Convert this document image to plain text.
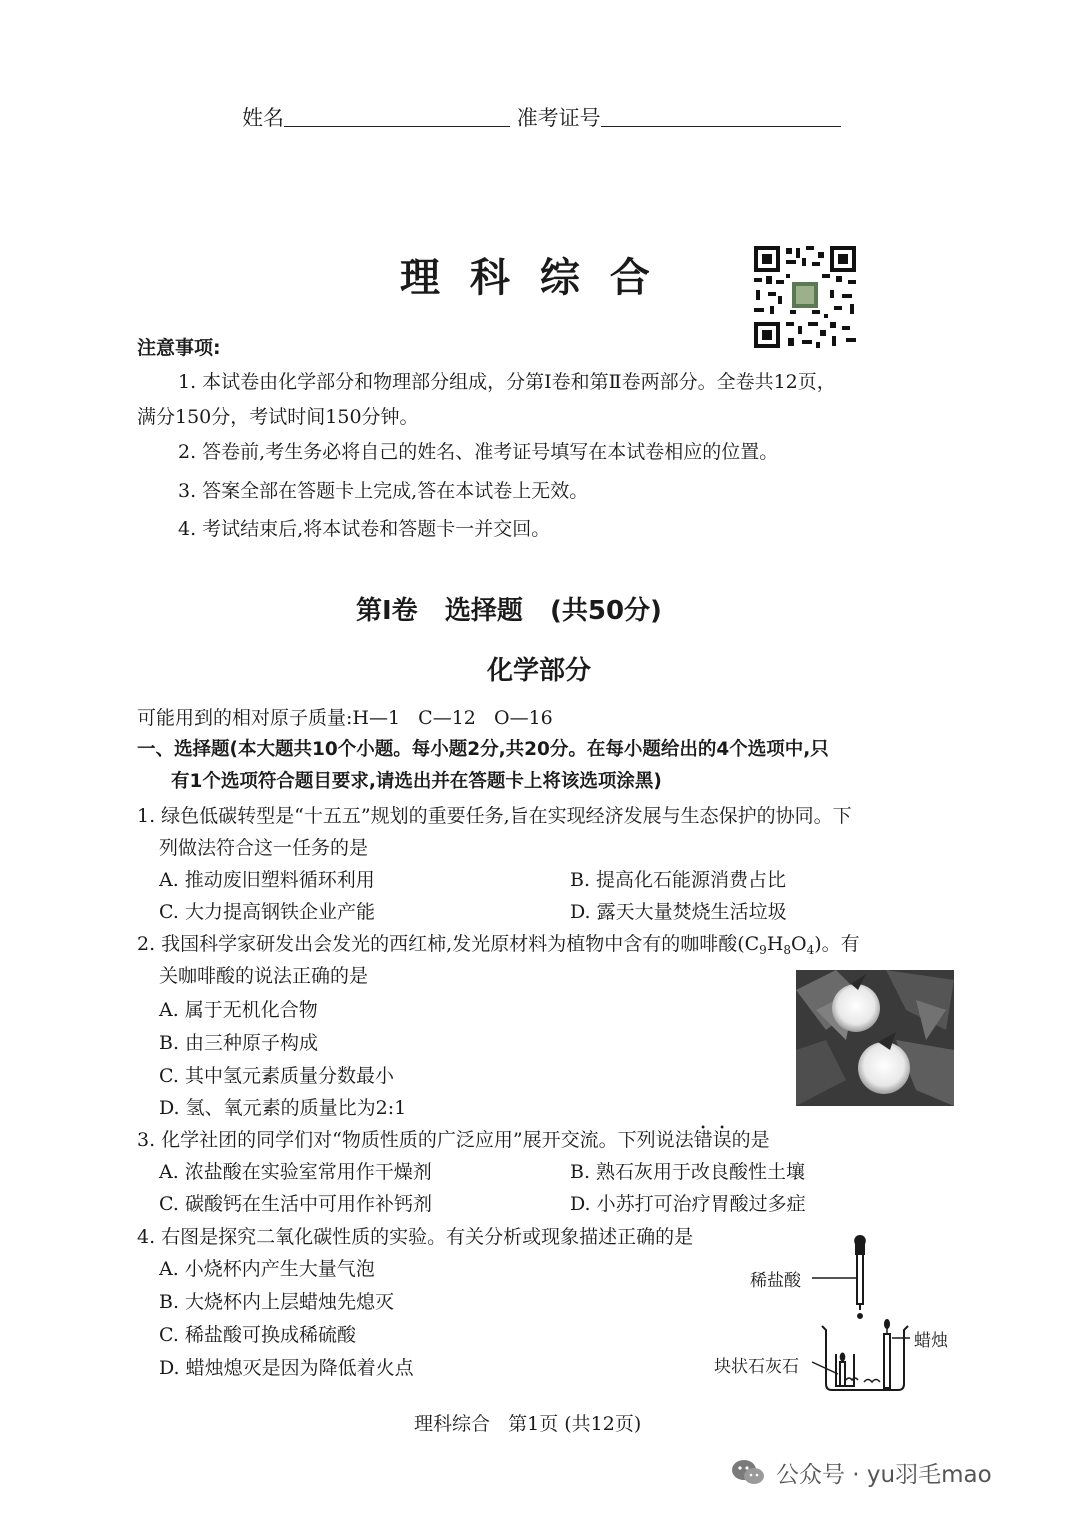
姓名	准考证号
理 科 综 合
注意事项:
1. 本试卷由化学部分和物理部分组成，分第Ⅰ卷和第Ⅱ卷两部分。全卷共12页，
满分150分，考试时间150分钟。
2. 答卷前,考生务必将自己的姓名、准考证号填写在本试卷相应的位置。
3. 答案全部在答题卡上完成,答在本试卷上无效。
4. 考试结束后,将本试卷和答题卡一并交回。
第Ⅰ卷   选择题   (共50分)
化学部分
可能用到的相对原子质量:H—1   C—12   O—16
一、选择题(本大题共10个小题。每小题2分,共20分。在每小题给出的4个选项中,只
有1个选项符合题目要求,请选出并在答题卡上将该选项涂黑)
1. 绿色低碳转型是“十五五”规划的重要任务,旨在实现经济发展与生态保护的协同。下
列做法符合这一任务的是
A. 推动废旧塑料循环利用	B. 提高化石能源消费占比
C. 大力提高钢铁企业产能	D. 露天大量焚烧生活垃圾
2. 我国科学家研发出会发光的西红柿,发光原材料为植物中含有的咖啡酸$(C_9H_8O_4)$。有
关咖啡酸的说法正确的是
A. 属于无机化合物
B. 由三种原子构成
C. 其中氢元素质量分数最小
D. 氢、氧元素的质量比为2:1
3. 化学社团的同学们对“物质性质的广泛应用”展开交流。下列说法错误的是
A. 浓盐酸在实验室常用作干燥剂	B. 熟石灰用于改良酸性土壤
C. 碳酸钙在生活中可用作补钙剂	D. 小苏打可治疗胃酸过多症
4. 右图是探究二氧化碳性质的实验。有关分析或现象描述正确的是
A. 小烧杯内产生大量气泡
B. 大烧杯内上层蜡烛先熄灭
C. 稀盐酸可换成稀硫酸
D. 蜡烛熄灭是因为降低着火点
稀盐酸
蜡烛
块状石灰石
理科综合   第1页 (共12页)
公众号 · yu羽毛mao
